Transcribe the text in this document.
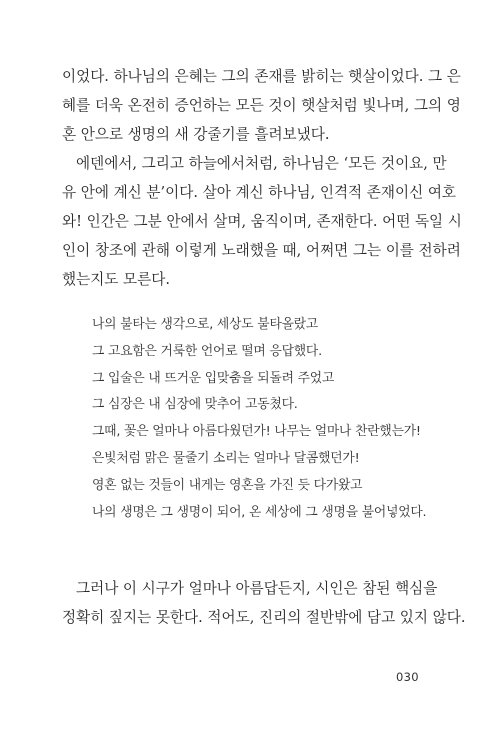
이었다. 하나님의 은혜는 그의 존재를 밝히는 햇살이었다. 그 은
혜를 더욱 온전히 증언하는 모든 것이 햇살처럼 빛나며, 그의 영
혼 안으로 생명의 새 강줄기를 흘려보냈다.
에덴에서, 그리고 하늘에서처럼, 하나님은 ‘모든 것이요, 만
유 안에 계신 분’이다. 살아 계신 하나님, 인격적 존재이신 여호
와! 인간은 그분 안에서 살며, 움직이며, 존재한다. 어떤 독일 시
인이 창조에 관해 이렇게 노래했을 때, 어쩌면 그는 이를 전하려
했는지도 모른다.
나의 불타는 생각으로, 세상도 불타올랐고
그 고요함은 거룩한 언어로 떨며 응답했다.
그 입술은 내 뜨거운 입맞춤을 되돌려 주었고
그 심장은 내 심장에 맞추어 고동쳤다.
그때, 꽃은 얼마나 아름다웠던가! 나무는 얼마나 찬란했는가!
은빛처럼 맑은 물줄기 소리는 얼마나 달콤했던가!
영혼 없는 것들이 내게는 영혼을 가진 듯 다가왔고
나의 생명은 그 생명이 되어, 온 세상에 그 생명을 불어넣었다.
그러나 이 시구가 얼마나 아름답든지, 시인은 참된 핵심을
정확히 짚지는 못한다. 적어도, 진리의 절반밖에 담고 있지 않다.
030
